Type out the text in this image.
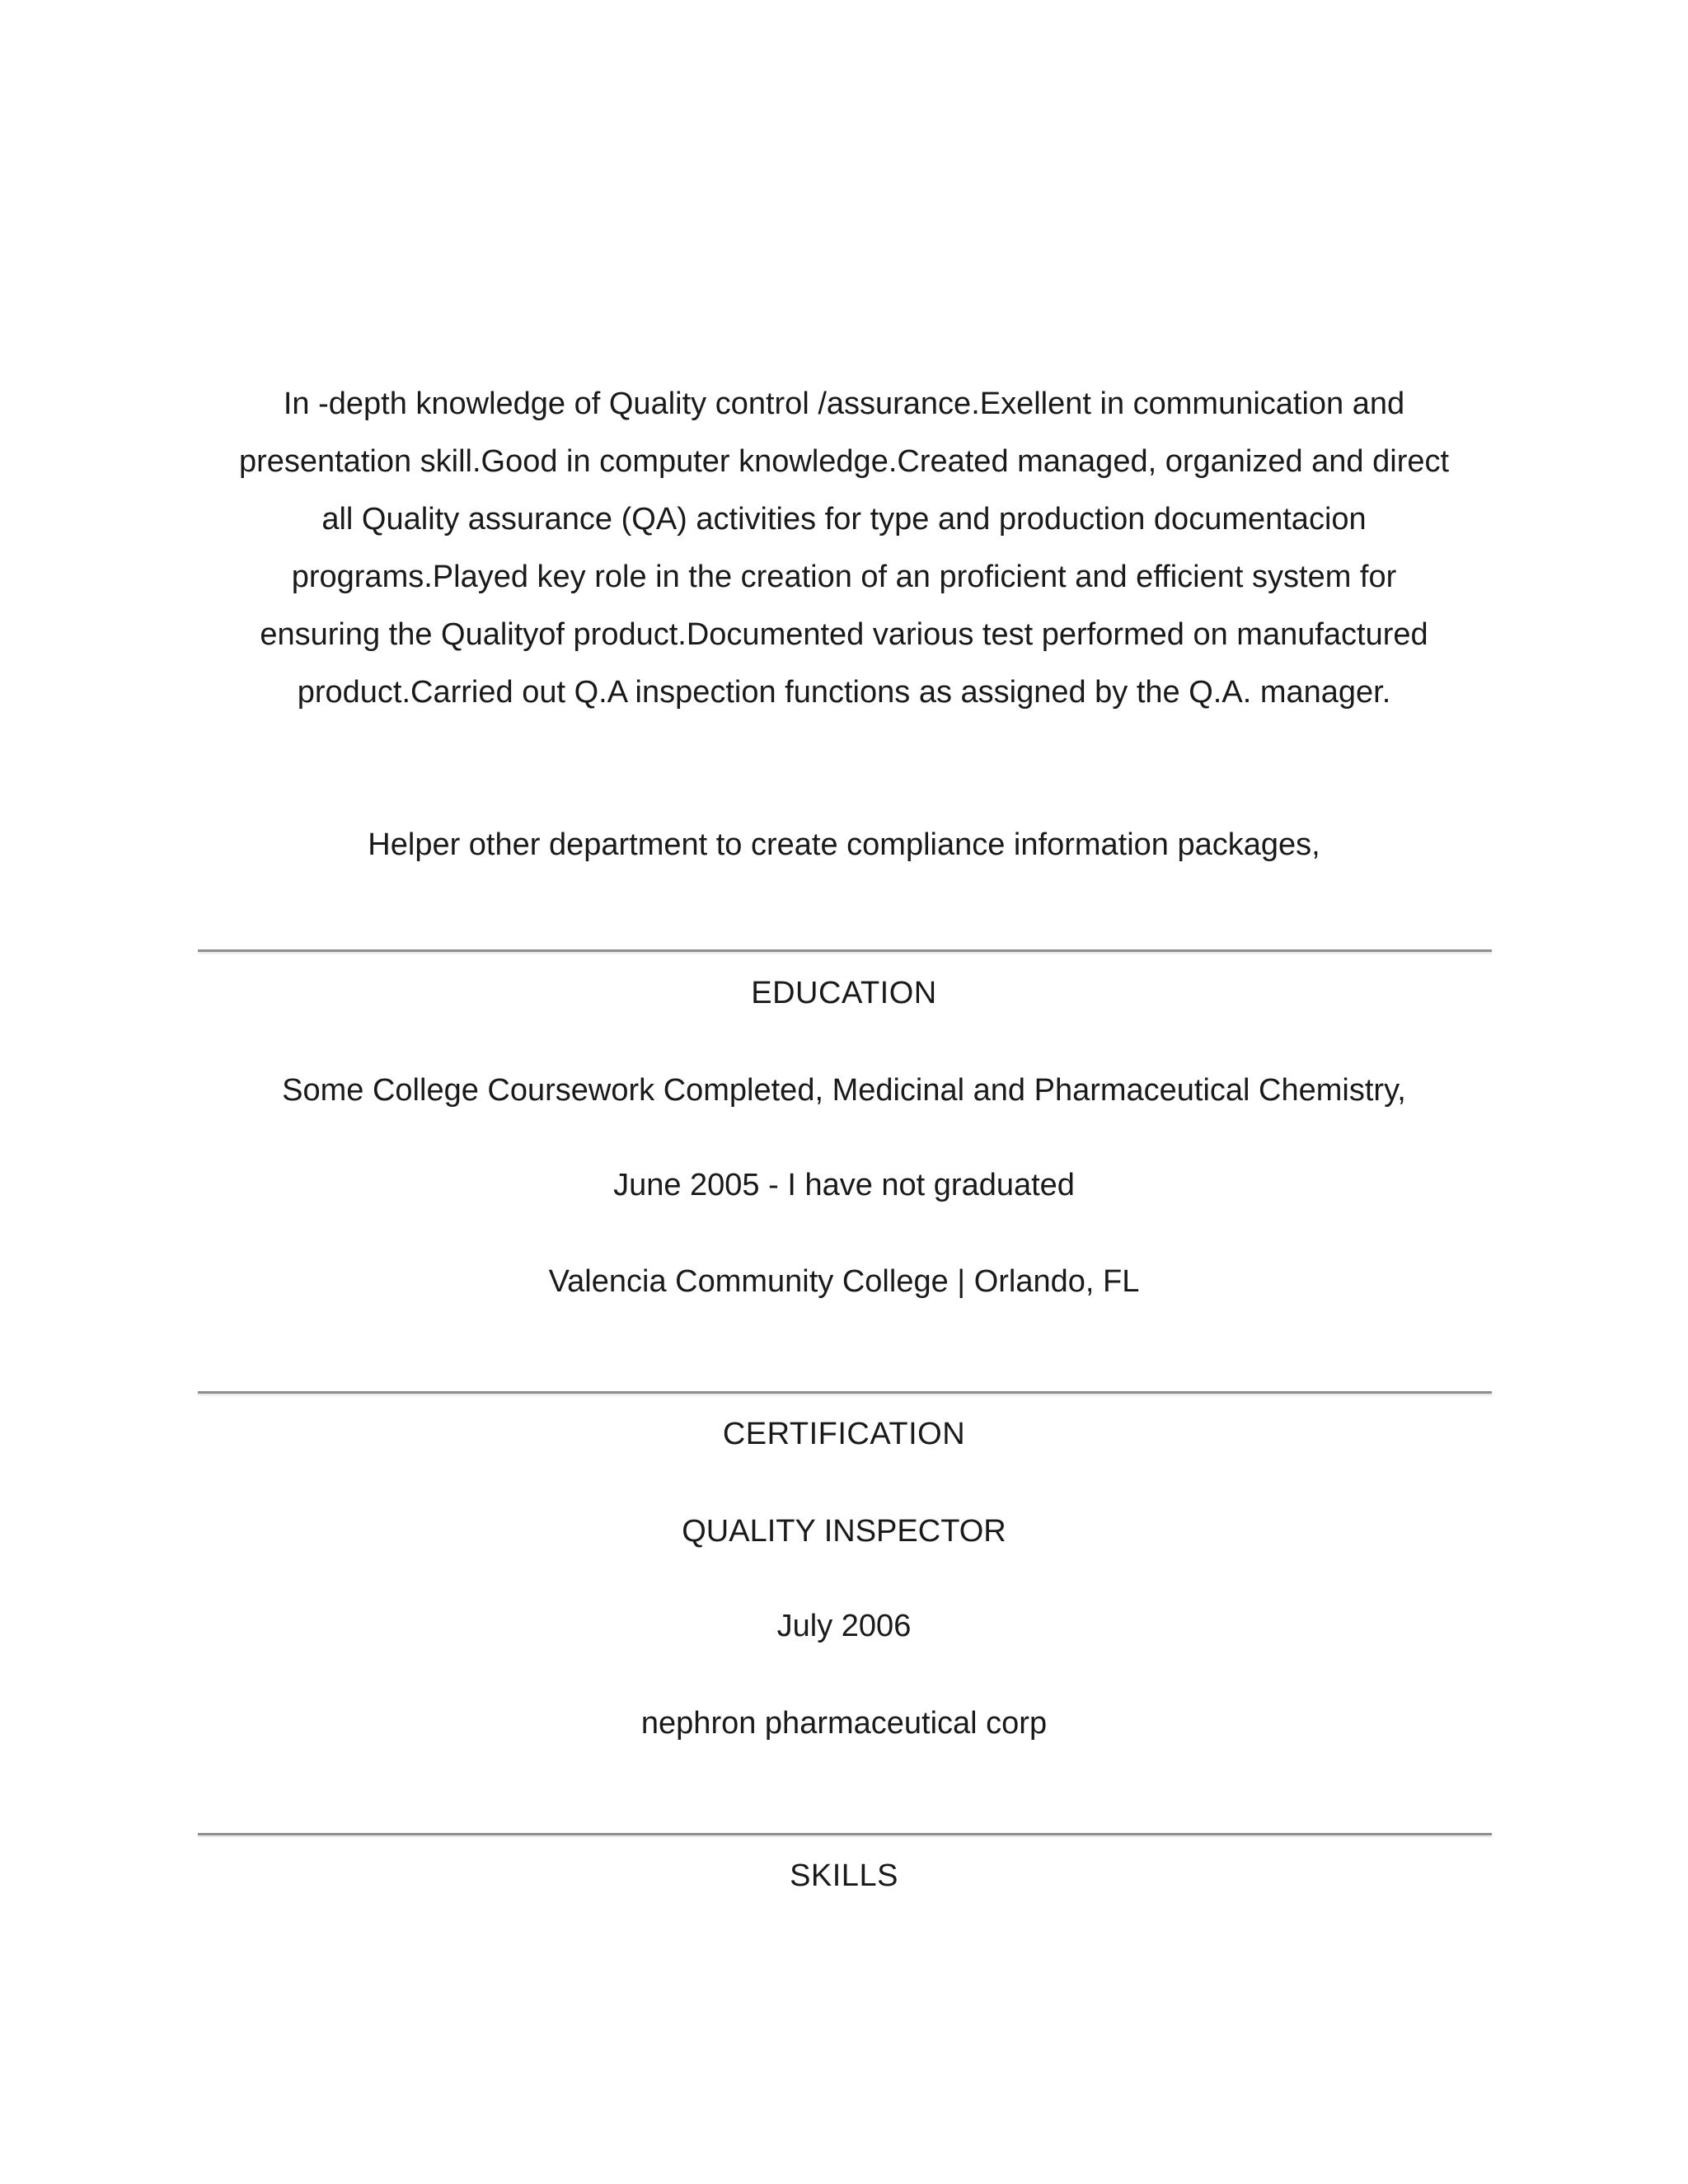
In -depth knowledge of Quality control /assurance.Exellent in communication and
presentation skill.Good in computer knowledge.Created managed, organized and direct
all Quality assurance (QA) activities for type and production documentacion
programs.Played key role in the creation of an proficient and efficient system for
ensuring the Qualityof product.Documented various test performed on manufactured
product.Carried out Q.A inspection functions as assigned by the Q.A. manager.

Helper other department to create compliance information packages,

EDUCATION

Some College Coursework Completed, Medicinal and Pharmaceutical Chemistry,

June 2005 - I have not graduated

Valencia Community College | Orlando, FL

CERTIFICATION

QUALITY INSPECTOR

July 2006

nephron pharmaceutical corp

SKILLS
